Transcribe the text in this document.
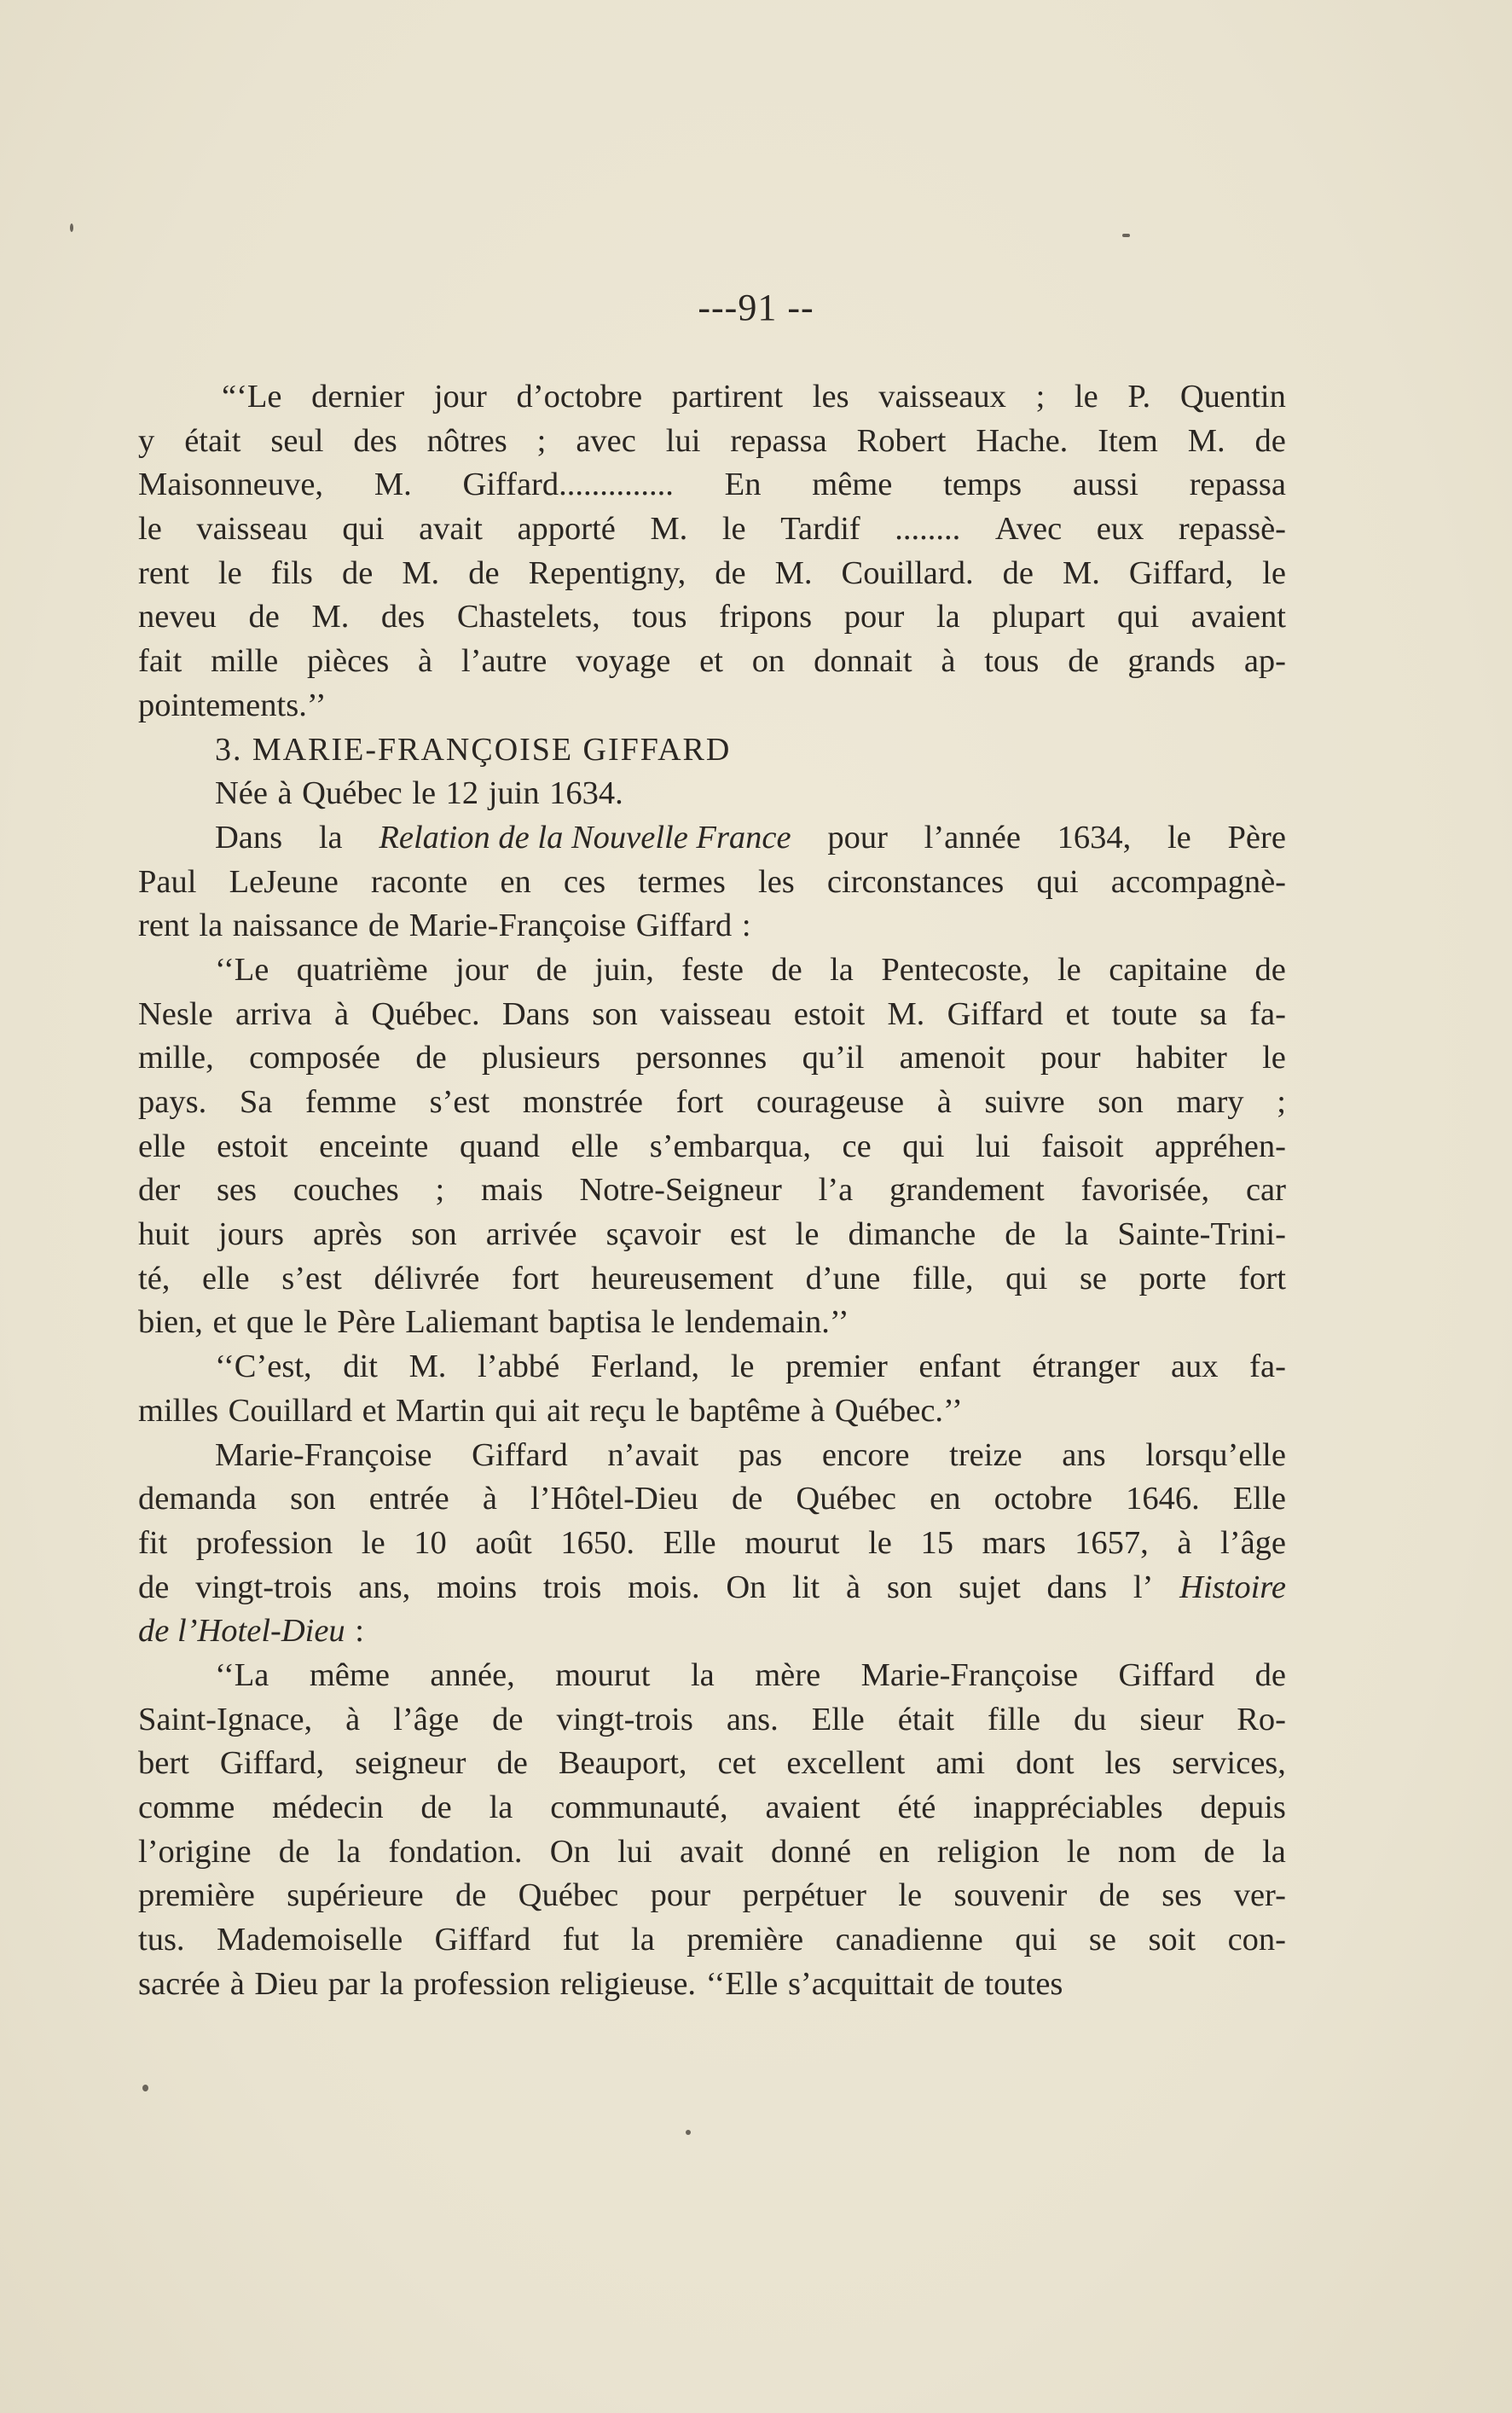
---91 --
“‘Le dernier jour d’octobre partirent les vaisseaux ; le P. Quentin
y était seul des nôtres ; avec lui repassa Robert Hache. Item M. de
Maisonneuve, M. Giffard.............. En même temps aussi repassa
le vaisseau qui avait apporté M. le Tardif ........ Avec eux repassè-
rent le fils de M. de Repentigny, de M. Couillard. de M. Giffard, le
neveu de M. des Chastelets, tous fripons pour la plupart qui avaient
fait mille pièces à l’autre voyage et on donnait à tous de grands ap-
pointements.’’
3. MARIE-FRANÇOISE GIFFARD
Née à Québec le 12 juin 1634.
Dans la Relation de la Nouvelle France pour l’année 1634, le Père
Paul LeJeune raconte en ces termes les circonstances qui accompagnè-
rent la naissance de Marie-Françoise Giffard :
‘‘Le quatrième jour de juin, feste de la Pentecoste, le capitaine de
Nesle arriva à Québec. Dans son vaisseau estoit M. Giffard et toute sa fa-
mille, composée de plusieurs personnes qu’il amenoit pour habiter le
pays. Sa femme s’est monstrée fort courageuse à suivre son mary ;
elle estoit enceinte quand elle s’embarqua, ce qui lui faisoit appréhen-
der ses couches ; mais Notre-Seigneur l’a grandement favorisée, car
huit jours après son arrivée sçavoir est le dimanche de la Sainte-Trini-
té, elle s’est délivrée fort heureusement d’une fille, qui se porte fort
bien, et que le Père Laliemant baptisa le lendemain.’’
‘‘C’est, dit M. l’abbé Ferland, le premier enfant étranger aux fa-
milles Couillard et Martin qui ait reçu le baptême à Québec.’’
Marie-Françoise Giffard n’avait pas encore treize ans lorsqu’elle
demanda son entrée à l’Hôtel-Dieu de Québec en octobre 1646. Elle
fit profession le 10 août 1650. Elle mourut le 15 mars 1657, à l’âge
de vingt-trois ans, moins trois mois. On lit à son sujet dans l’ Histoire
de l’Hotel-Dieu :
‘‘La même année, mourut la mère Marie-Françoise Giffard de
Saint-Ignace, à l’âge de vingt-trois ans. Elle était fille du sieur Ro-
bert Giffard, seigneur de Beauport, cet excellent ami dont les services,
comme médecin de la communauté, avaient été inappréciables depuis
l’origine de la fondation. On lui avait donné en religion le nom de la
première supérieure de Québec pour perpétuer le souvenir de ses ver-
tus. Mademoiselle Giffard fut la première canadienne qui se soit con-
sacrée à Dieu par la profession religieuse. ‘‘Elle s’acquittait de toutes
